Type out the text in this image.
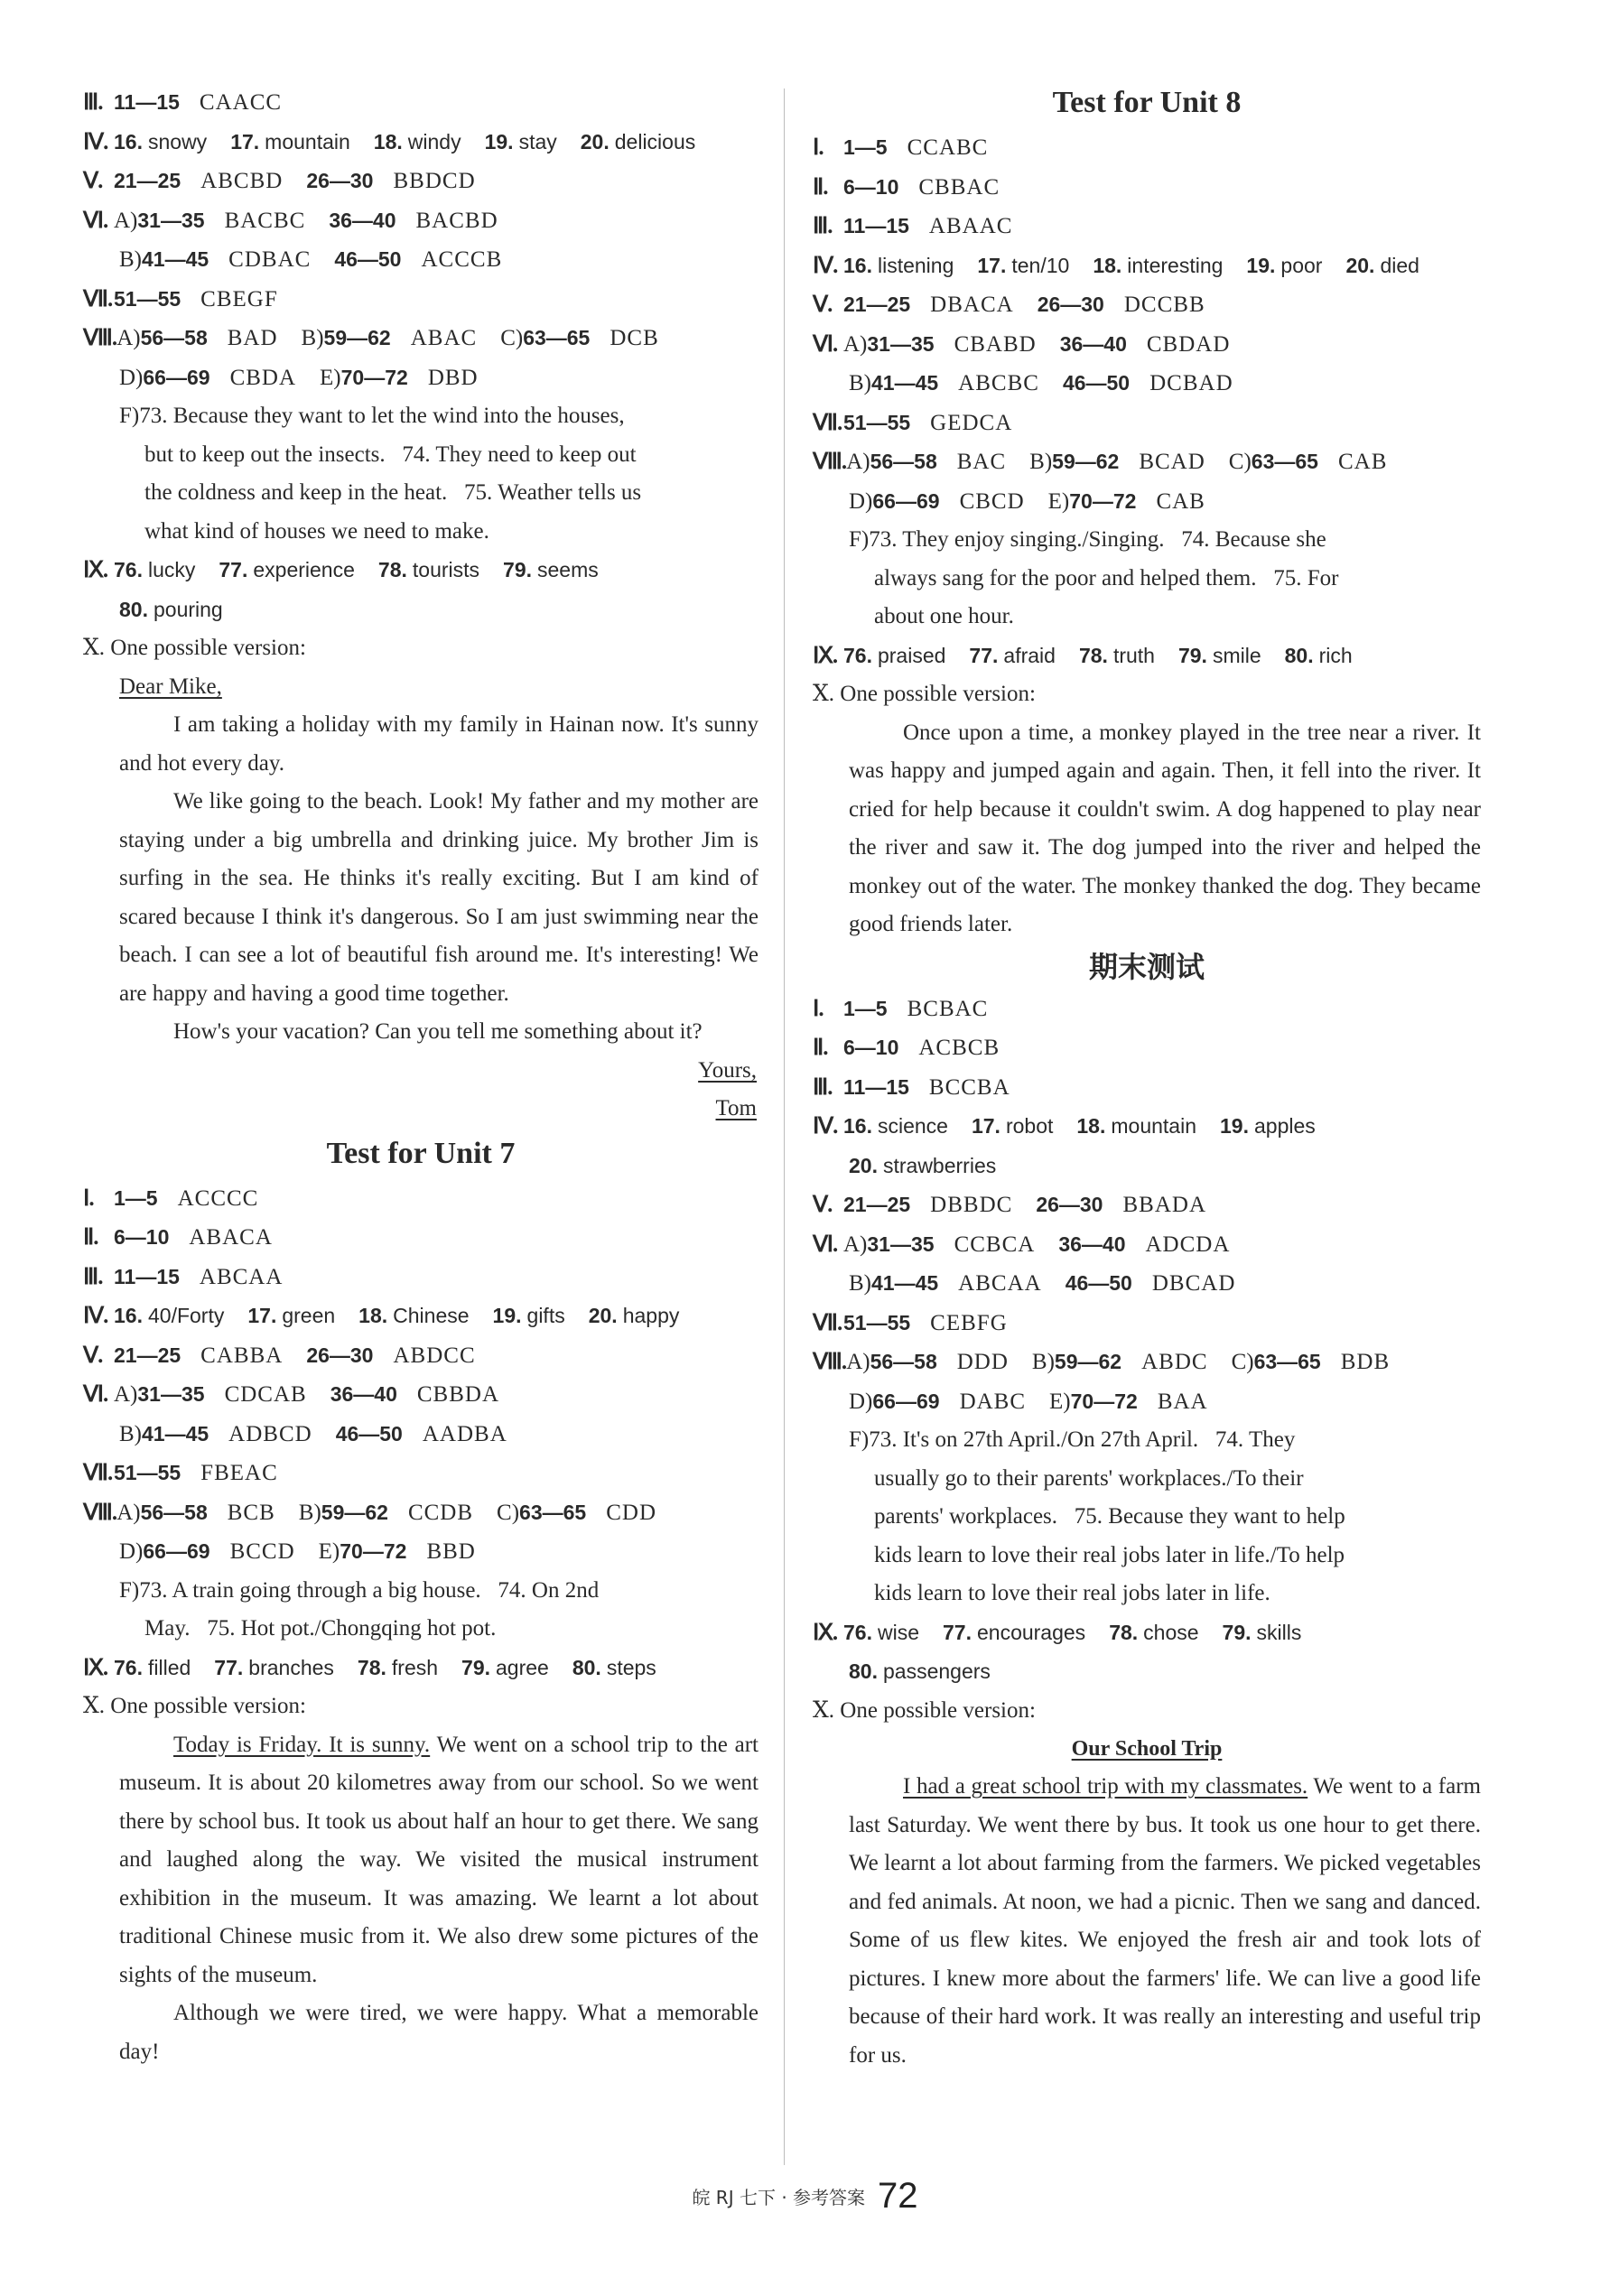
Ⅲ. 11—15 CAACC
Ⅳ. 16. snowy 17. mountain 18. windy 19. stay 20. delicious
Ⅴ. 21—25 ABCBD 26—30 BBDCD
Ⅵ. A)31—35 BACBC 36—40 BACBD
B)41—45 CDBAC 46—50 ACCCB
Ⅶ.51—55 CBEGF
Ⅷ.A)56—58 BAD B)59—62 ABAC C)63—65 DCB
D)66—69 CBDA E)70—72 DBD
F)73. Because they want to let the wind into the houses,
but to keep out the insects.   74. They need to keep out
the coldness and keep in the heat.   75. Weather tells us
what kind of houses we need to make.
Ⅸ. 76. lucky 77. experience 78. tourists 79. seems
80. pouring
Ⅹ. One possible version:
Dear Mike,
I am taking a holiday with my family in Hainan now. It's sunny and hot every day.
We like going to the beach. Look! My father and my mother are staying under a big umbrella and drinking juice. My brother Jim is surfing in the sea. He thinks it's really exciting. But I am kind of scared because I think it's dangerous. So I am just swimming near the beach. I can see a lot of beautiful fish around me. It's interesting! We are happy and having a good time together.
How's your vacation? Can you tell me something about it?
Yours,
Tom
Test for Unit 7
Ⅰ. 1—5 ACCCC
Ⅱ. 6—10 ABACA
Ⅲ. 11—15 ABCAA
Ⅳ. 16. 40/Forty 17. green 18. Chinese 19. gifts 20. happy
Ⅴ. 21—25 CABBA 26—30 ABDCC
Ⅵ. A)31—35 CDCAB 36—40 CBBDA
B)41—45 ADBCD 46—50 AADBA
Ⅶ.51—55 FBEAC
Ⅷ.A)56—58 BCB B)59—62 CCDB C)63—65 CDD
D)66—69 BCCD E)70—72 BBD
F)73. A train going through a big house.   74. On 2nd
May.   75. Hot pot./Chongqing hot pot.
Ⅸ. 76. filled 77. branches 78. fresh 79. agree 80. steps
Ⅹ. One possible version:
Today is Friday. It is sunny. We went on a school trip to the art museum. It is about 20 kilometres away from our school. So we went there by school bus. It took us about half an hour to get there. We sang and laughed along the way. We visited the musical instrument exhibition in the museum. It was amazing. We learnt a lot about traditional Chinese music from it. We also drew some pictures of the sights of the museum.
Although we were tired, we were happy. What a memorable day!
Test for Unit 8
Ⅰ. 1—5 CCABC
Ⅱ. 6—10 CBBAC
Ⅲ. 11—15 ABAAC
Ⅳ. 16. listening 17. ten/10 18. interesting 19. poor 20. died
Ⅴ. 21—25 DBACA 26—30 DCCBB
Ⅵ. A)31—35 CBABD 36—40 CBDAD
B)41—45 ABCBC 46—50 DCBAD
Ⅶ.51—55 GEDCA
Ⅷ.A)56—58 BAC B)59—62 BCAD C)63—65 CAB
D)66—69 CBCD E)70—72 CAB
F)73. They enjoy singing./Singing.   74. Because she
always sang for the poor and helped them.   75. For
about one hour.
Ⅸ. 76. praised 77. afraid 78. truth 79. smile 80. rich
Ⅹ. One possible version:
Once upon a time, a monkey played in the tree near a river. It was happy and jumped again and again. Then, it fell into the river. It cried for help because it couldn't swim. A dog happened to play near the river and saw it. The dog jumped into the river and helped the monkey out of the water. The monkey thanked the dog. They became good friends later.
期末测试
Ⅰ. 1—5 BCBAC
Ⅱ. 6—10 ACBCB
Ⅲ. 11—15 BCCBA
Ⅳ. 16. science 17. robot 18. mountain 19. apples
20. strawberries
Ⅴ. 21—25 DBBDC 26—30 BBADA
Ⅵ. A)31—35 CCBCA 36—40 ADCDA
B)41—45 ABCAA 46—50 DBCAD
Ⅶ.51—55 CEBFG
Ⅷ.A)56—58 DDD B)59—62 ABDC C)63—65 BDB
D)66—69 DABC E)70—72 BAA
F)73. It's on 27th April./On 27th April.   74. They
usually go to their parents' workplaces./To their
parents' workplaces.   75. Because they want to help
kids learn to love their real jobs later in life./To help
kids learn to love their real jobs later in life.
Ⅸ. 76. wise 77. encourages 78. chose 79. skills
80. passengers
Ⅹ. One possible version:
Our School Trip
I had a great school trip with my classmates. We went to a farm last Saturday. We went there by bus. It took us one hour to get there. We learnt a lot about farming from the farmers. We picked vegetables and fed animals. At noon, we had a picnic. Then we sang and danced. Some of us flew kites. We enjoyed the fresh air and took lots of pictures. I knew more about the farmers' life. We can live a good life because of their hard work. It was really an interesting and useful trip for us.
皖 RJ 七下 · 参考答案 72
